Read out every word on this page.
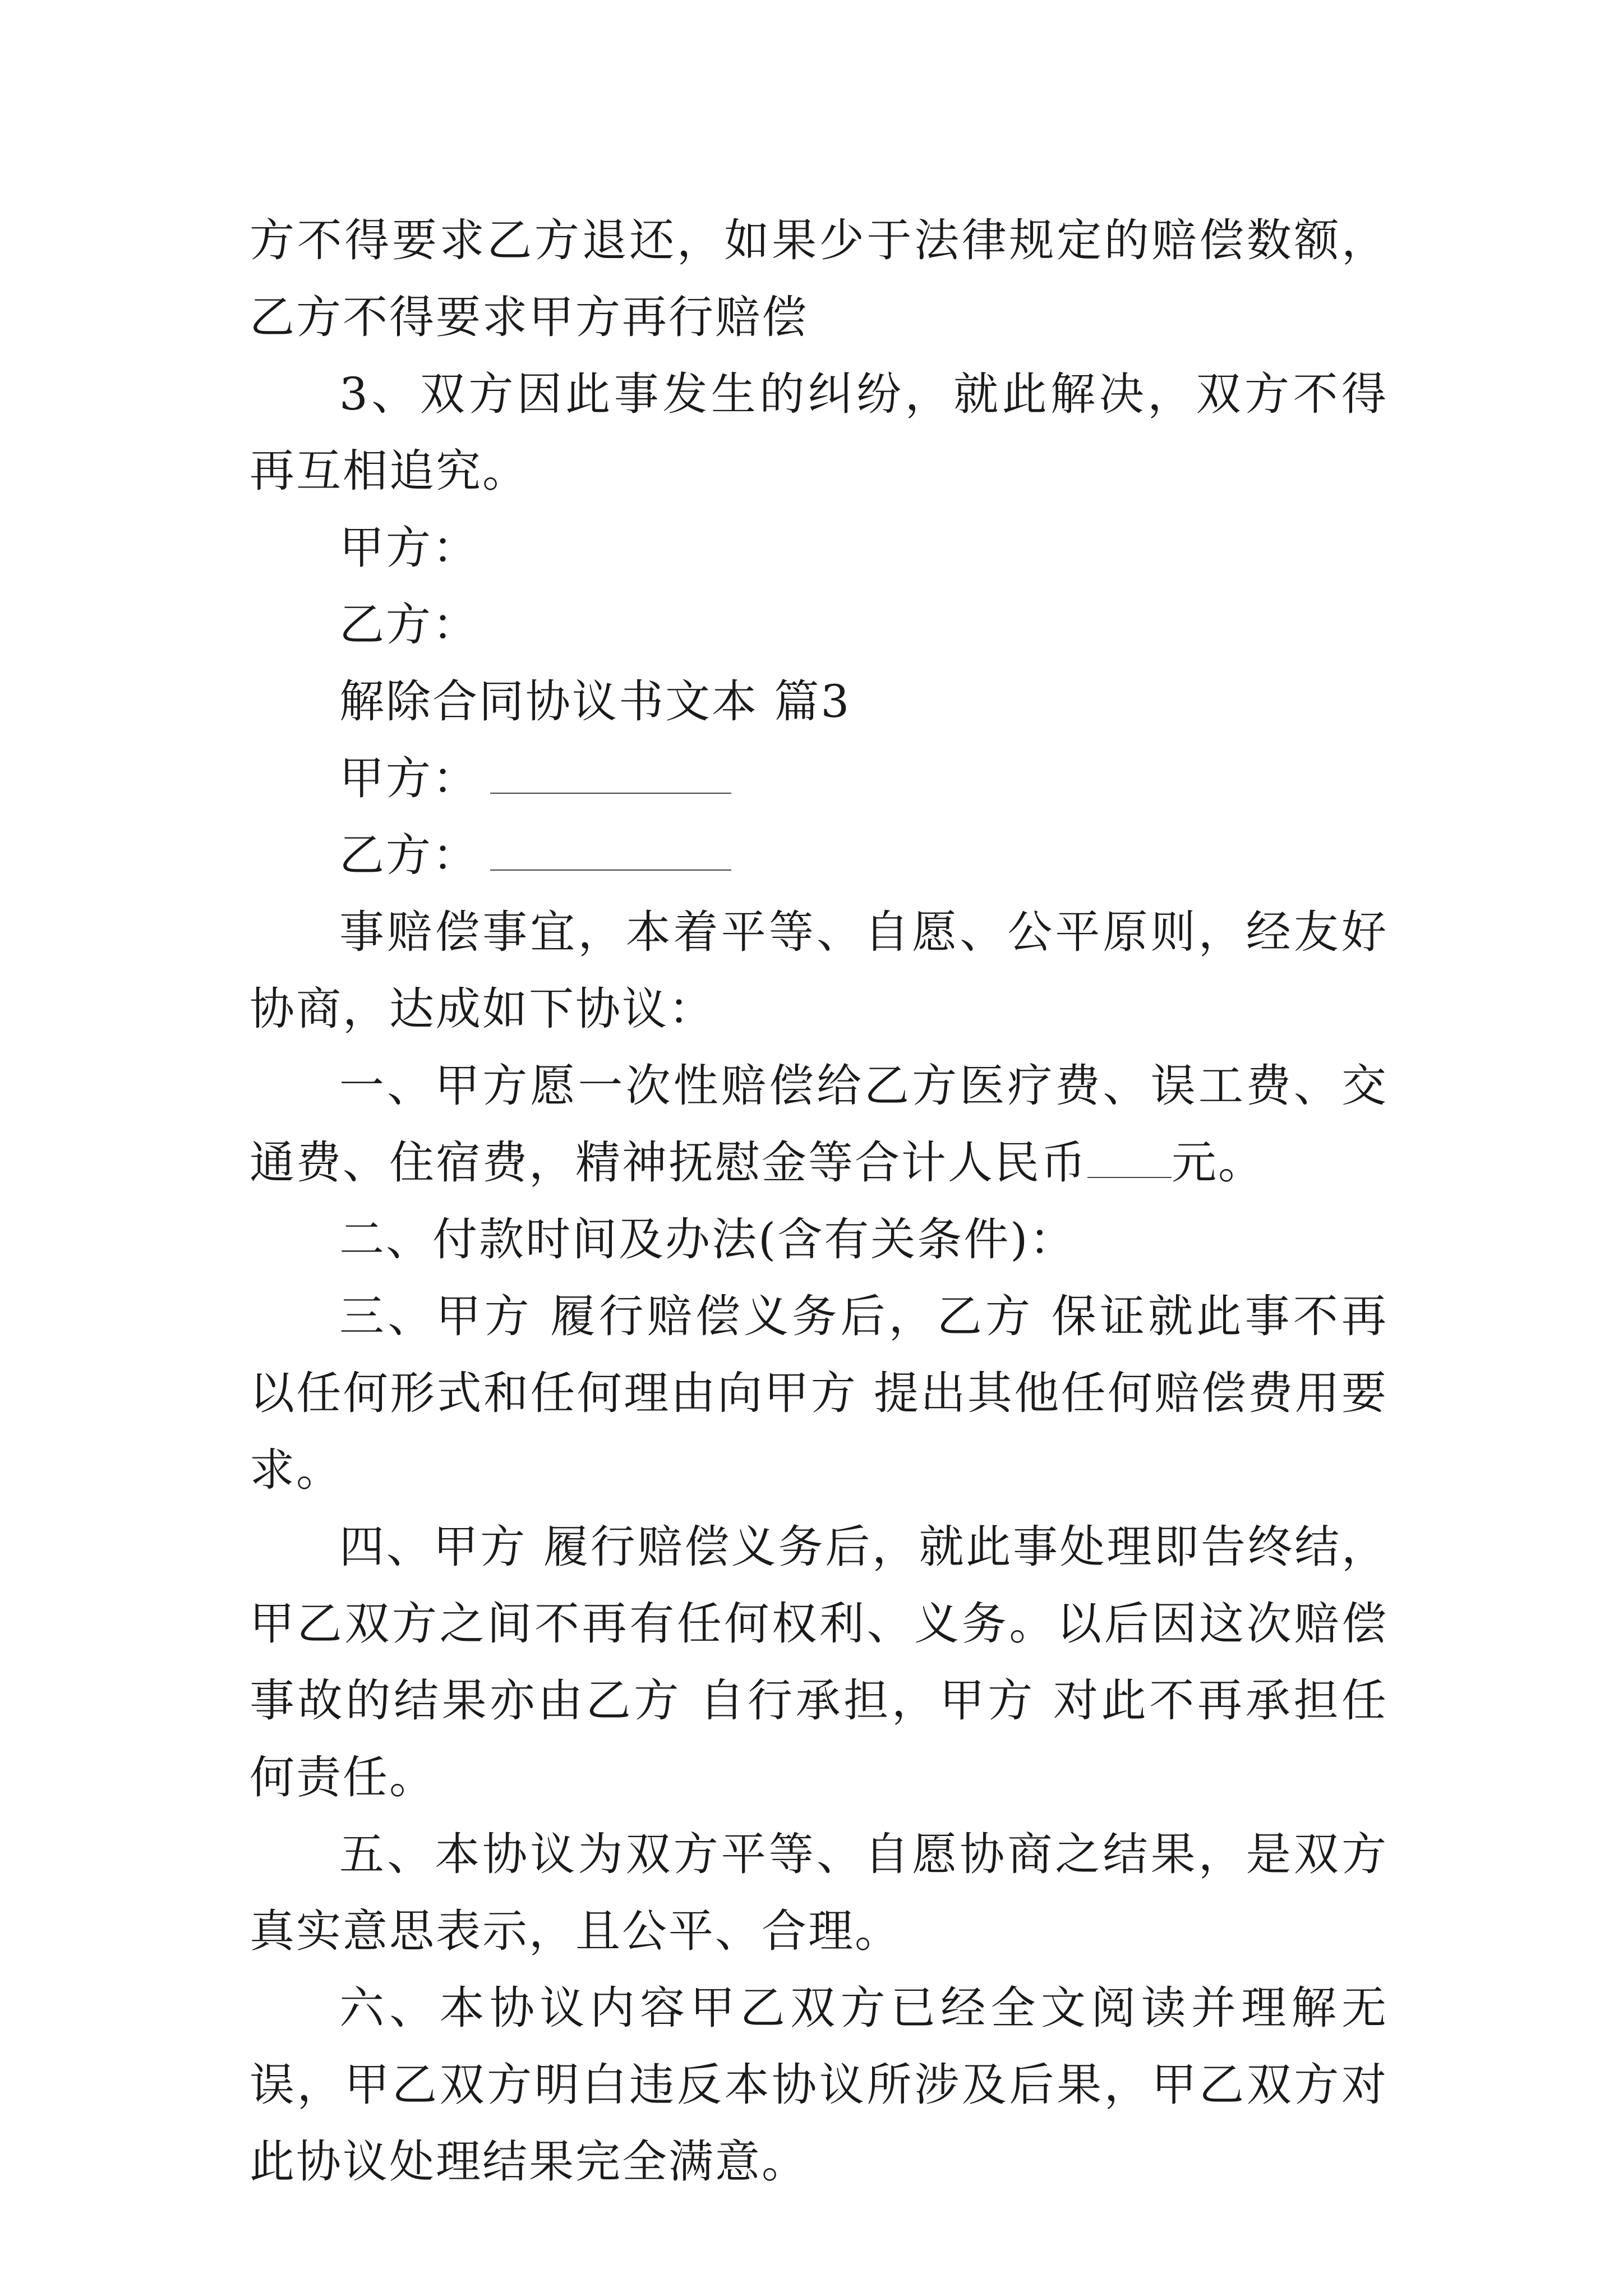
方不得要求乙方退还，如果少于法律规定的赔偿数额，乙方不得要求甲方再行赔偿

3、双方因此事发生的纠纷，就此解决，双方不得再互相追究。

甲方：

乙方：

解除合同协议书文本 篇3

甲方：

乙方：

事赔偿事宜，本着平等、自愿、公平原则，经友好协商，达成如下协议：

一、甲方愿一次性赔偿给乙方医疗费、误工费、交通费、住宿费，精神抚慰金等合计人民币 元。

二、付款时间及办法(含有关条件)：

三、甲方 履行赔偿义务后，乙方 保证就此事不再以任何形式和任何理由向甲方 提出其他任何赔偿费用要求。

四、甲方 履行赔偿义务后，就此事处理即告终结，甲乙双方之间不再有任何权利、义务。以后因这次赔偿事故的结果亦由乙方 自行承担，甲方 对此不再承担任何责任。

五、本协议为双方平等、自愿协商之结果，是双方真实意思表示，且公平、合理。

六、本协议内容甲乙双方已经全文阅读并理解无误，甲乙双方明白违反本协议所涉及后果，甲乙双方对此协议处理结果完全满意。
